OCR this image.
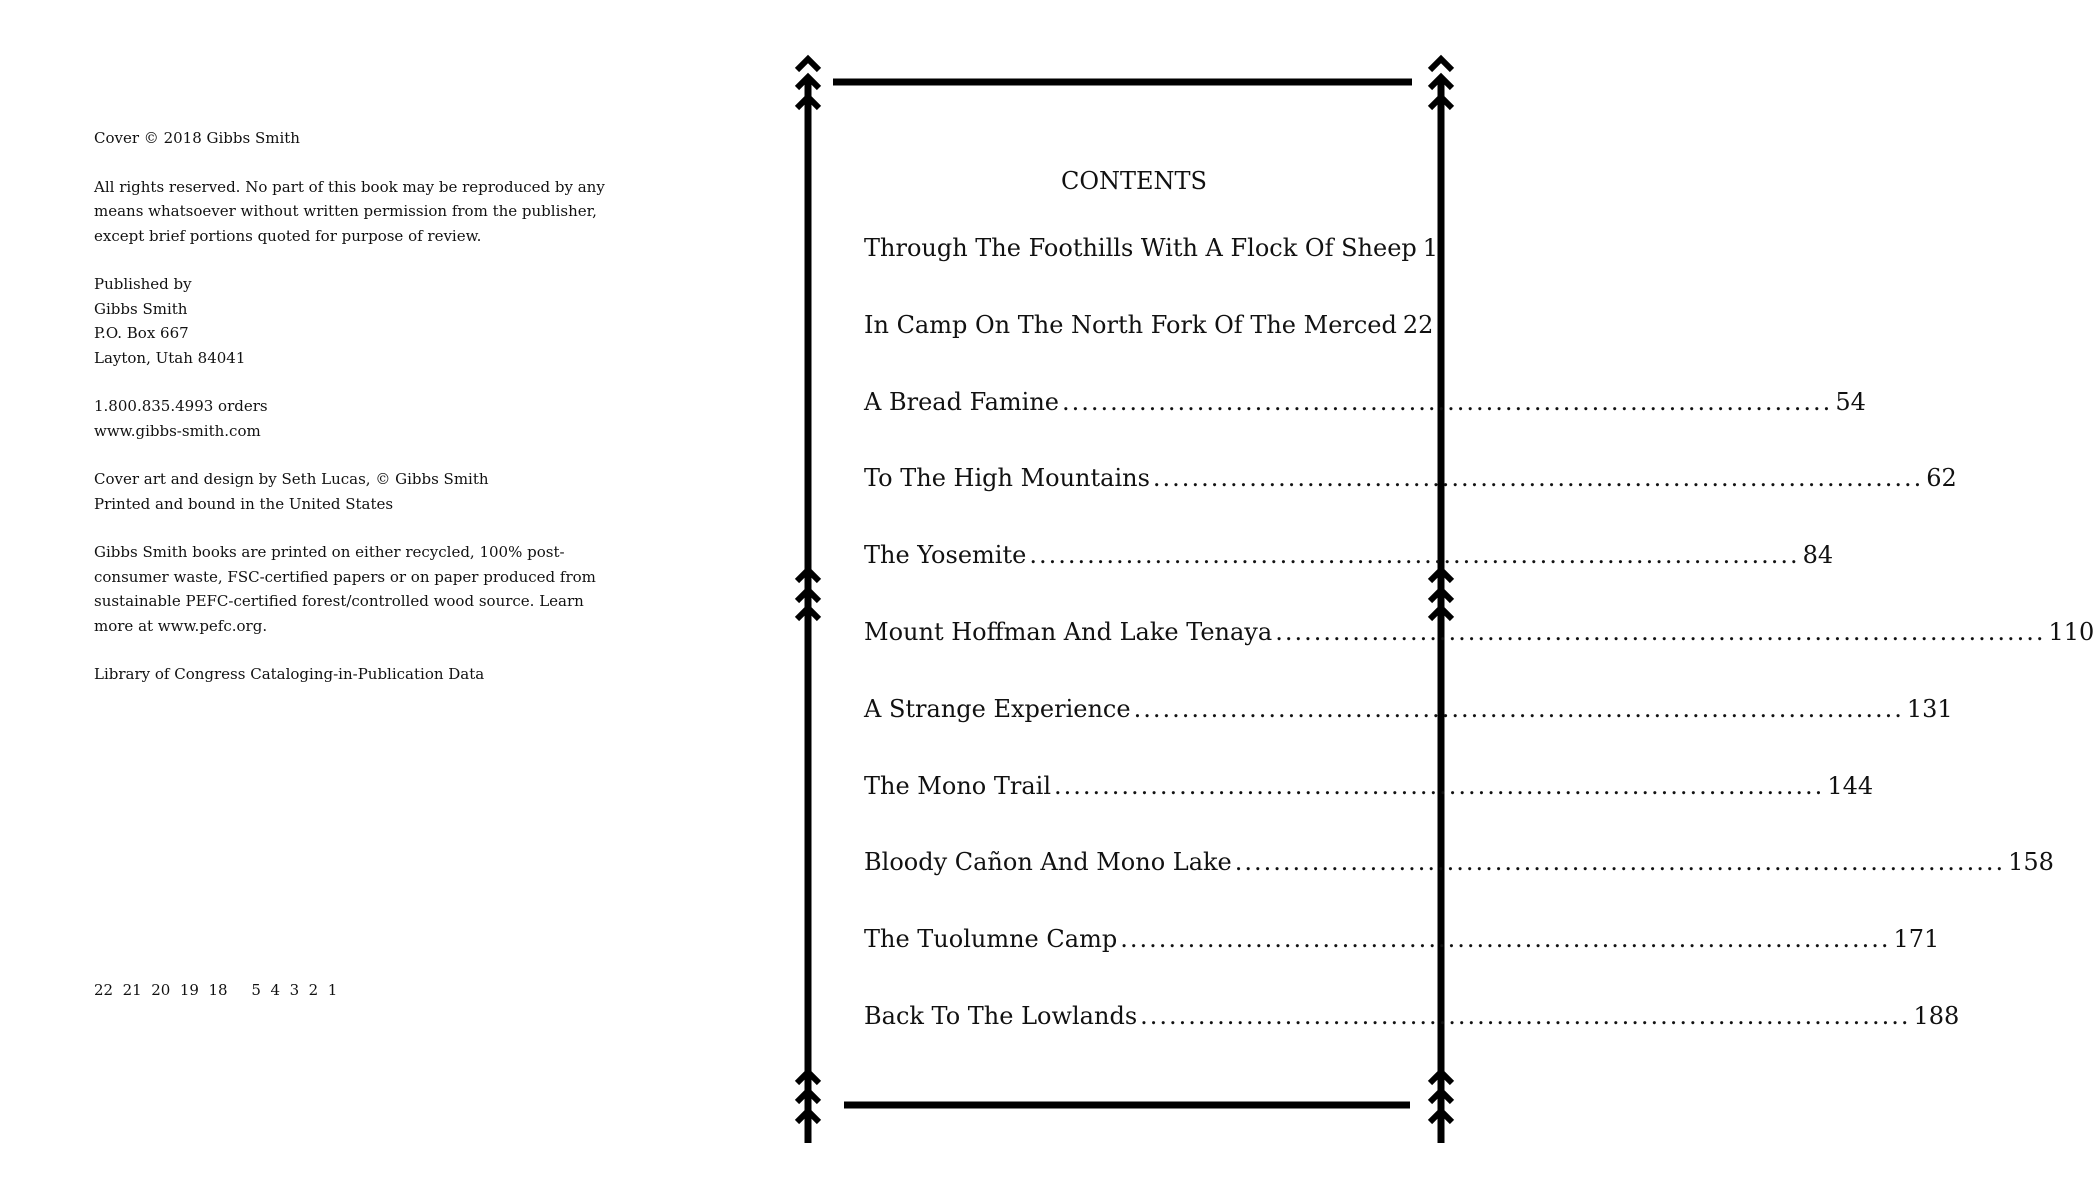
Cover © 2018 Gibbs Smith
All rights reserved. No part of this book may be reproduced by any
means whatsoever without written permission from the publisher,
except brief portions quoted for purpose of review.
Published by
Gibbs Smith
P.O. Box 667
Layton, Utah 84041
1.800.835.4993 orders
www.gibbs-smith.com
Cover art and design by Seth Lucas, © Gibbs Smith
Printed and bound in the United States
Gibbs Smith books are printed on either recycled, 100% post-
consumer waste, FSC-certified papers or on paper produced from
sustainable PEFC-certified forest/controlled wood source. Learn
more at www.pefc.org.
Library of Congress Cataloging-in-Publication Data
22  21  20  19  18     5  4  3  2  1
CONTENTS
Through The Foothills With A Flock Of Sheep 1
In Camp On The North Fork Of The Merced 22
A Bread Famine ................................................................................ 54
To The High Mountains ................................................................................ 62
The Yosemite ................................................................................ 84
Mount Hoffman And Lake Tenaya ................................................................................ 110
A Strange Experience ................................................................................ 131
The Mono Trail ................................................................................ 144
Bloody Cañon And Mono Lake ................................................................................ 158
The Tuolumne Camp ................................................................................ 171
Back To The Lowlands ................................................................................ 188
